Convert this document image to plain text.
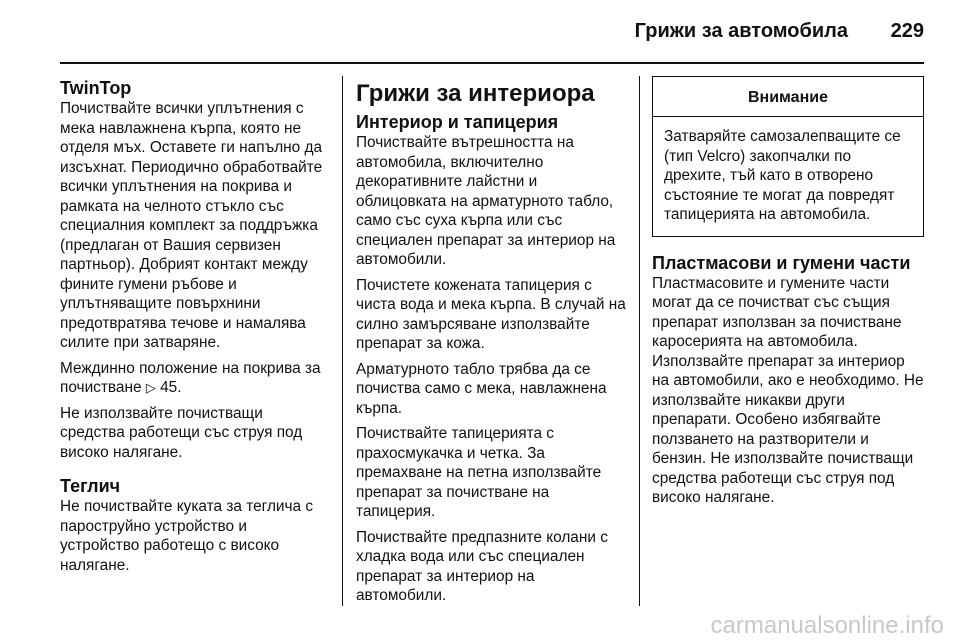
Грижи за автомобила 229
TwinTop

Почиствайте всички уплътнения с мека навлажнена кърпа, която не отделя мъх. Оставете ги напълно да изсъхнат. Периодично обработвайте всички уплътнения на покрива и рамката на челното стъкло със специалния комплект за поддръжка (предлаган от Вашия сервизен партньор). Добрият контакт между фините гумени ръбове и уплътняващите повърхнини предотвратява течове и намалява силите при затваряне.

Междинно положение на покрива за почистване ▷ 45.

Не използвайте почистващи средства работещи със струя под високо налягане.

Теглич

Не почиствайте куката за теглича с пароструйно устройство и устройство работещо с високо налягане.

Грижи за интериора
Интериор и тапицерия

Почиствайте вътрешността на автомобила, включително декоративните лайстни и облицовката на арматурното табло, само със суха кърпа или със специален препарат за интериор на автомобили.

Почистете кожената тапицерия с чиста вода и мека кърпа. В случай на силно замърсяване използвайте препарат за кожа.

Арматурното табло трябва да се почиства само с мека, навлажнена кърпа.

Почиствайте тапицерията с прахосмукачка и четка. За премахване на петна използвайте препарат за почистване на тапицерия.

Почиствайте предпазните колани с хладка вода или със специален препарат за интериор на автомобили.

Внимание
Затваряйте самозалепващите се (тип Velcro) закопчалки по дрехите, тъй като в отворено състояние те могат да повредят тапицерията на автомобила.
Пластмасови и гумени части

Пластмасовите и гумените части могат да се почистват със същия препарат използван за почистване каросерията на автомобила. Използвайте препарат за интериор на автомобили, ако е необходимо. Не използвайте никакви други препарати. Особено избягвайте ползването на разтворители и бензин. Не използвайте почистващи средства работещи със струя под високо налягане.

carmanualsonline.info
